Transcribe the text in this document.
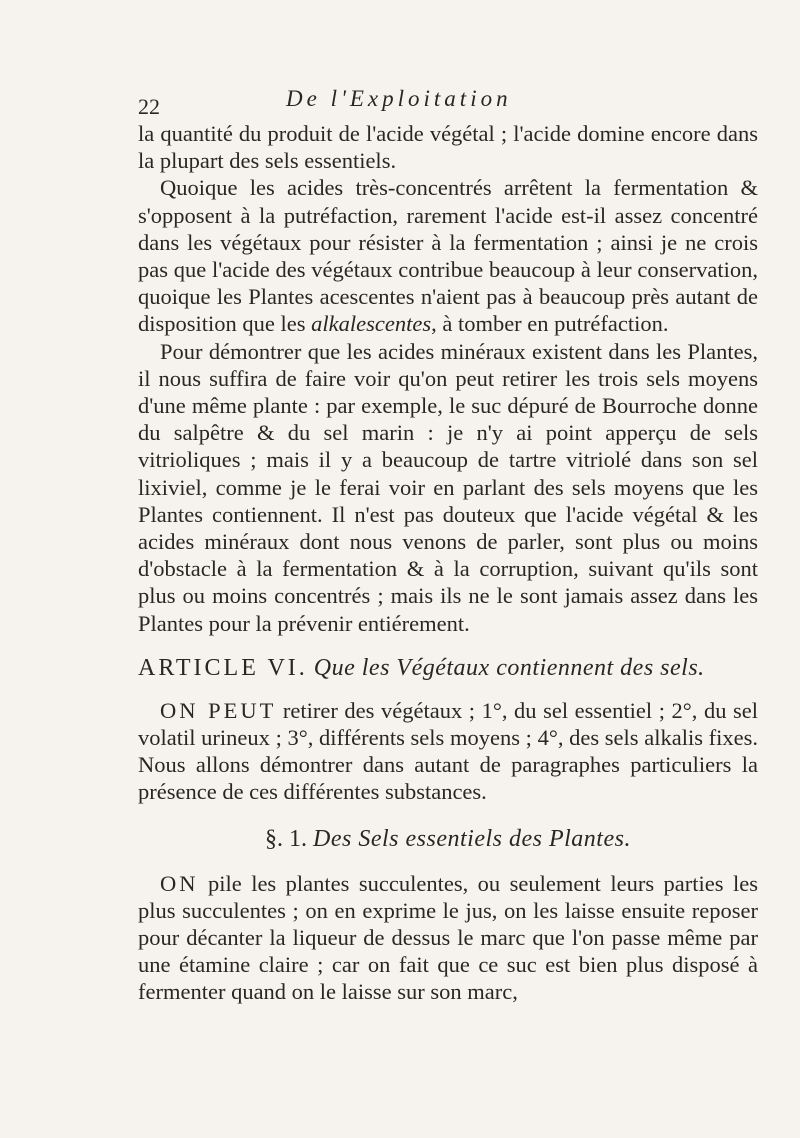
22	De l'Exploitation

la quantité du produit de l'acide végétal ; l'acide domine encore dans la plupart des sels essentiels.

Quoique les acides très-concentrés arrêtent la fermentation & s'opposent à la putréfaction, rarement l'acide est-il assez concentré dans les végétaux pour résister à la fermentation ; ainsi je ne crois pas que l'acide des végétaux contribue beaucoup à leur conservation, quoique les Plantes acescentes n'aient pas à beaucoup près autant de disposition que les alkalescentes, à tomber en putréfaction.

Pour démontrer que les acides minéraux existent dans les Plantes, il nous suffira de faire voir qu'on peut retirer les trois sels moyens d'une même plante : par exemple, le suc dépuré de Bourroche donne du salpêtre & du sel marin : je n'y ai point apperçu de sels vitrioliques ; mais il y a beaucoup de tartre vitriolé dans son sel lixiviel, comme je le ferai voir en parlant des sels moyens que les Plantes contiennent. Il n'est pas douteux que l'acide végétal & les acides minéraux dont nous venons de parler, sont plus ou moins d'obstacle à la fermentation & à la corruption, suivant qu'ils sont plus ou moins concentrés ; mais ils ne le sont jamais assez dans les Plantes pour la prévenir entiérement.

ARTICLE VI. Que les Végétaux contiennent des sels.

ON PEUT retirer des végétaux ; 1°, du sel essentiel ; 2°, du sel volatil urineux ; 3°, différents sels moyens ; 4°, des sels alkalis fixes. Nous allons démontrer dans autant de paragraphes particuliers la présence de ces différentes substances.

§. 1. Des Sels essentiels des Plantes.

ON pile les plantes succulentes, ou seulement leurs parties les plus succulentes ; on en exprime le jus, on les laisse ensuite reposer pour décanter la liqueur de dessus le marc que l'on passe même par une étamine claire ; car on fait que ce suc est bien plus disposé à fermenter quand on le laisse sur son marc,
